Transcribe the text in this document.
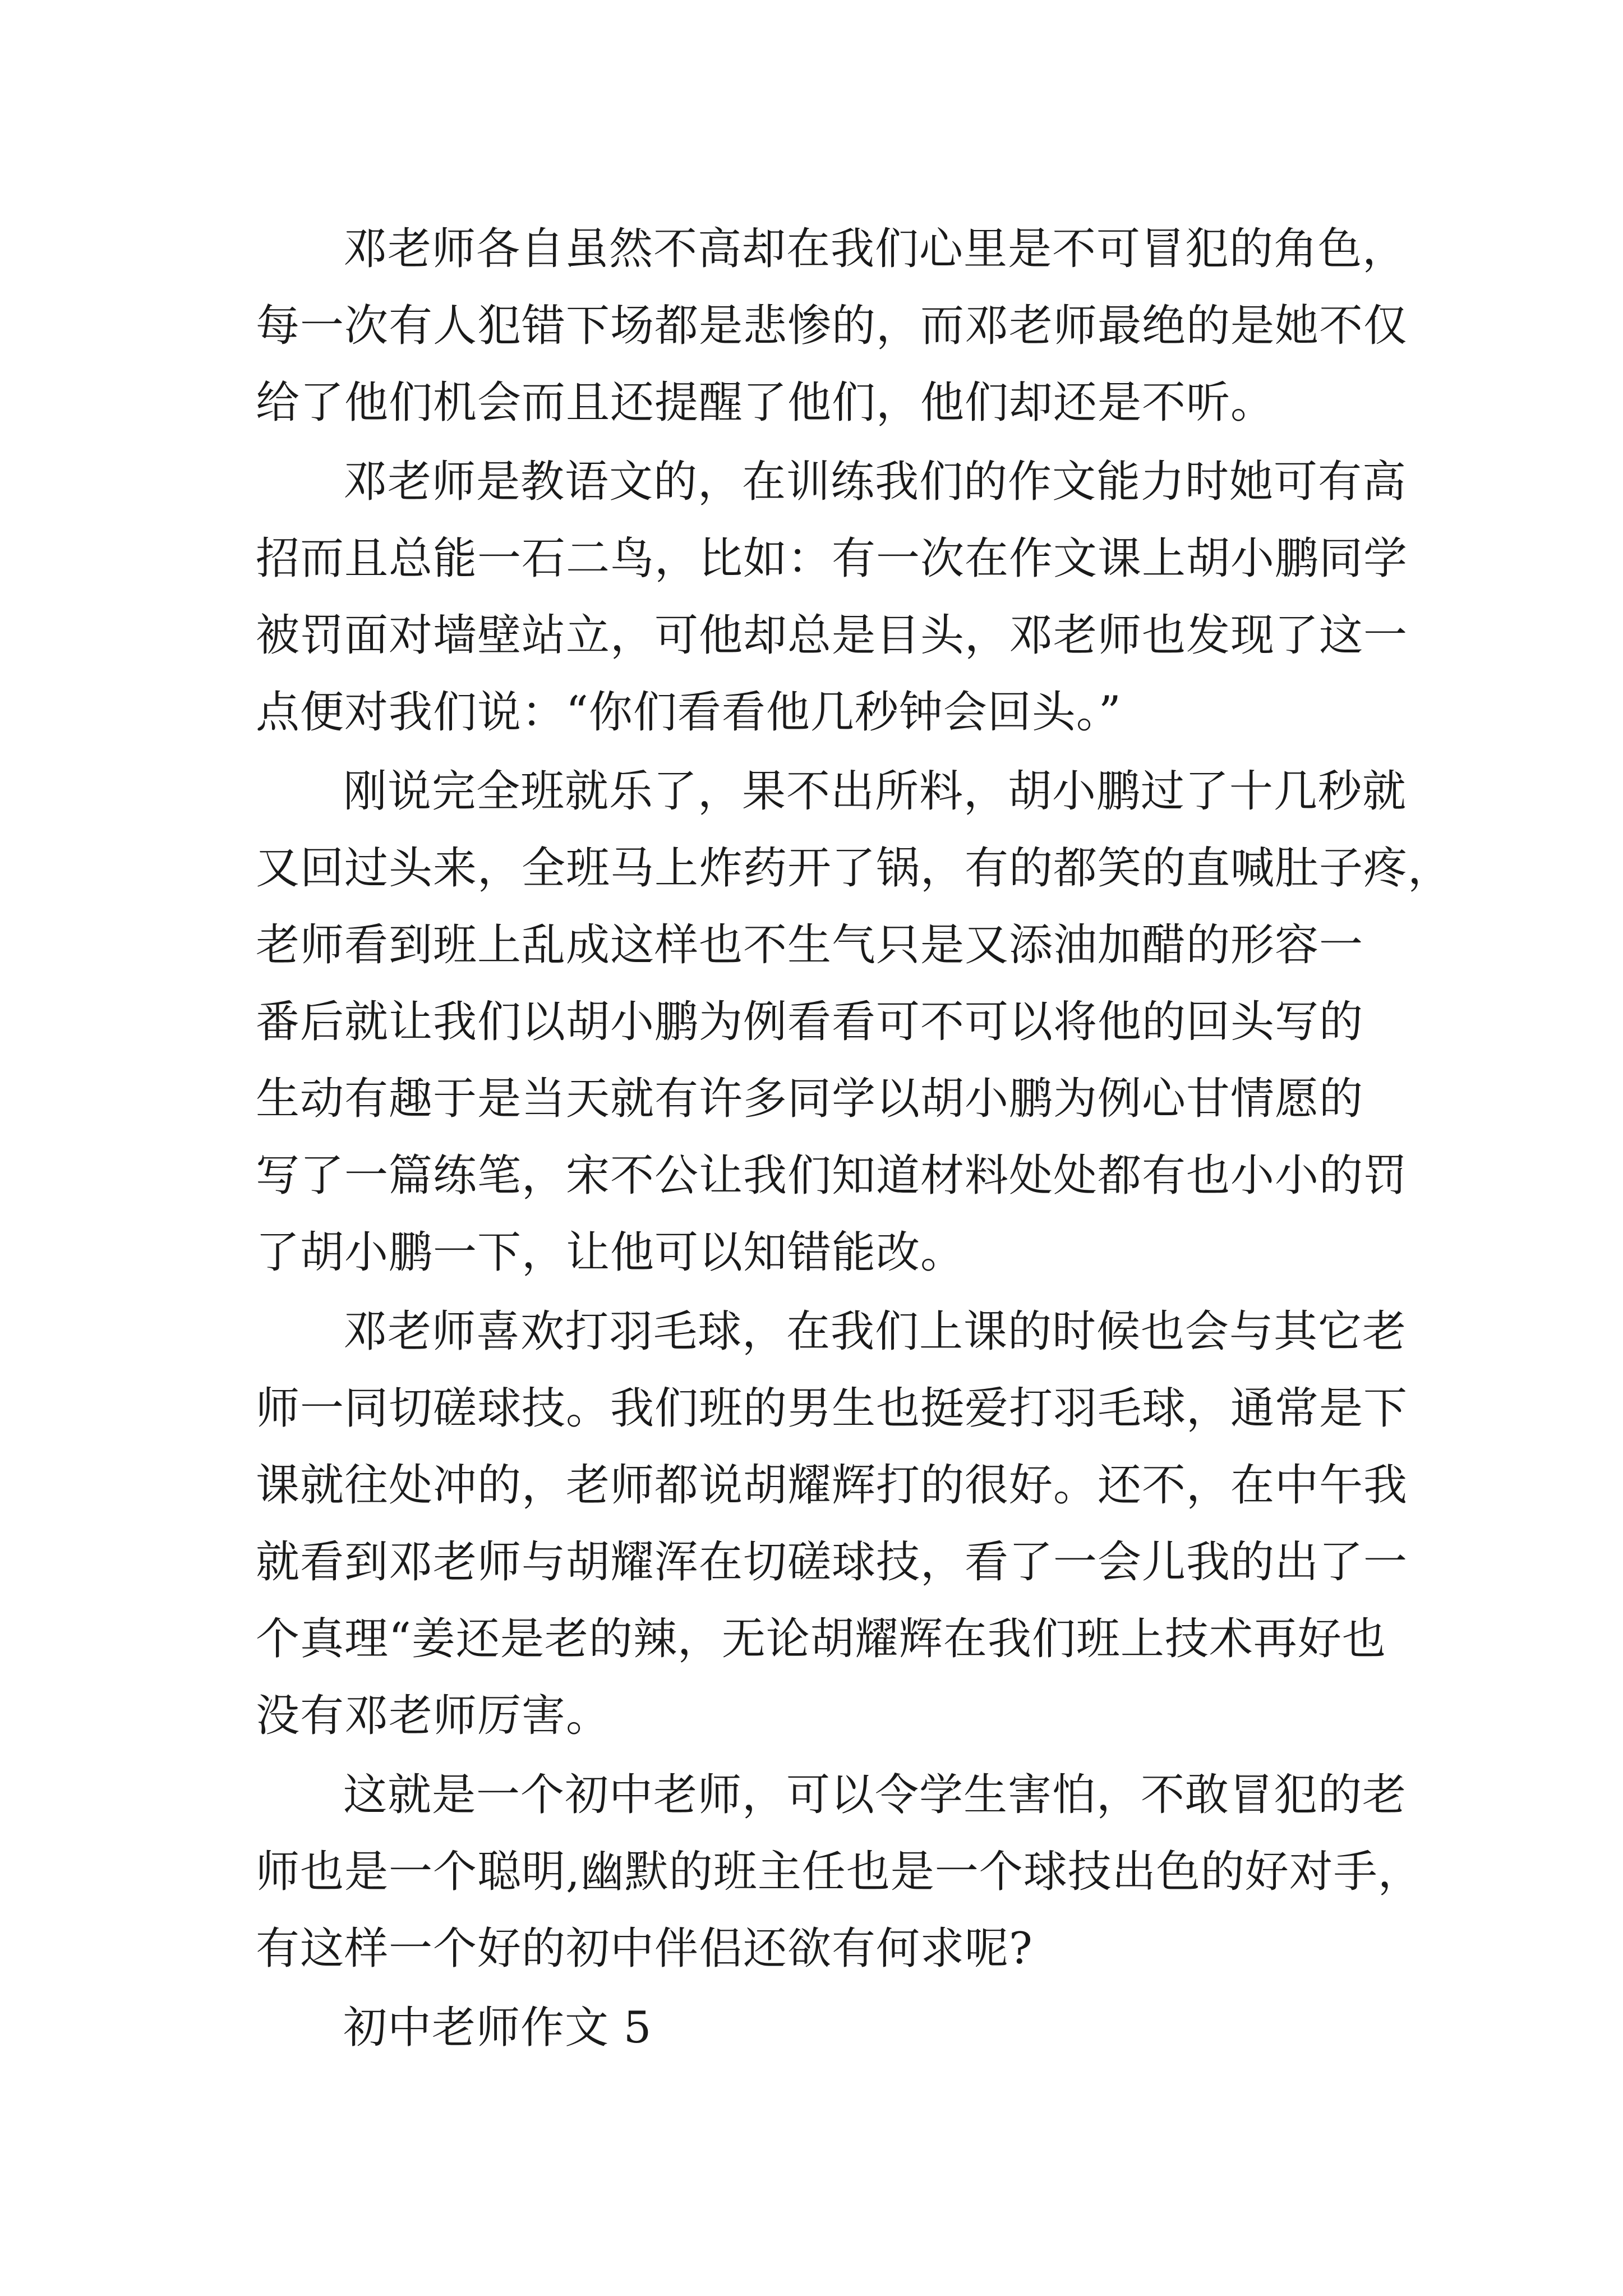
邓老师各自虽然不高却在我们心里是不可冒犯的角色，
每一次有人犯错下场都是悲惨的，而邓老师最绝的是她不仅
给了他们机会而且还提醒了他们，他们却还是不听。
邓老师是教语文的，在训练我们的作文能力时她可有高
招而且总能一石二鸟，比如：有一次在作文课上胡小鹏同学
被罚面对墙壁站立，可他却总是目头，邓老师也发现了这一
点便对我们说：“你们看看他几秒钟会回头。”
刚说完全班就乐了，果不出所料，胡小鹏过了十几秒就
又回过头来，全班马上炸药开了锅，有的都笑的直喊肚子疼，
老师看到班上乱成这样也不生气只是又添油加醋的形容一
番后就让我们以胡小鹏为例看看可不可以将他的回头写的
生动有趣于是当天就有许多同学以胡小鹏为例心甘情愿的
写了一篇练笔，宋不公让我们知道材料处处都有也小小的罚
了胡小鹏一下，让他可以知错能改。
邓老师喜欢打羽毛球，在我们上课的时候也会与其它老
师一同切磋球技。我们班的男生也挺爱打羽毛球，通常是下
课就往处冲的，老师都说胡耀辉打的很好。还不，在中午我
就看到邓老师与胡耀浑在切磋球技，看了一会儿我的出了一
个真理“姜还是老的辣，无论胡耀辉在我们班上技术再好也
没有邓老师厉害。
这就是一个初中老师，可以令学生害怕，不敢冒犯的老
师也是一个聪明,幽默的班主任也是一个球技出色的好对手，
有这样一个好的初中伴侣还欲有何求呢?
初中老师作文 5
